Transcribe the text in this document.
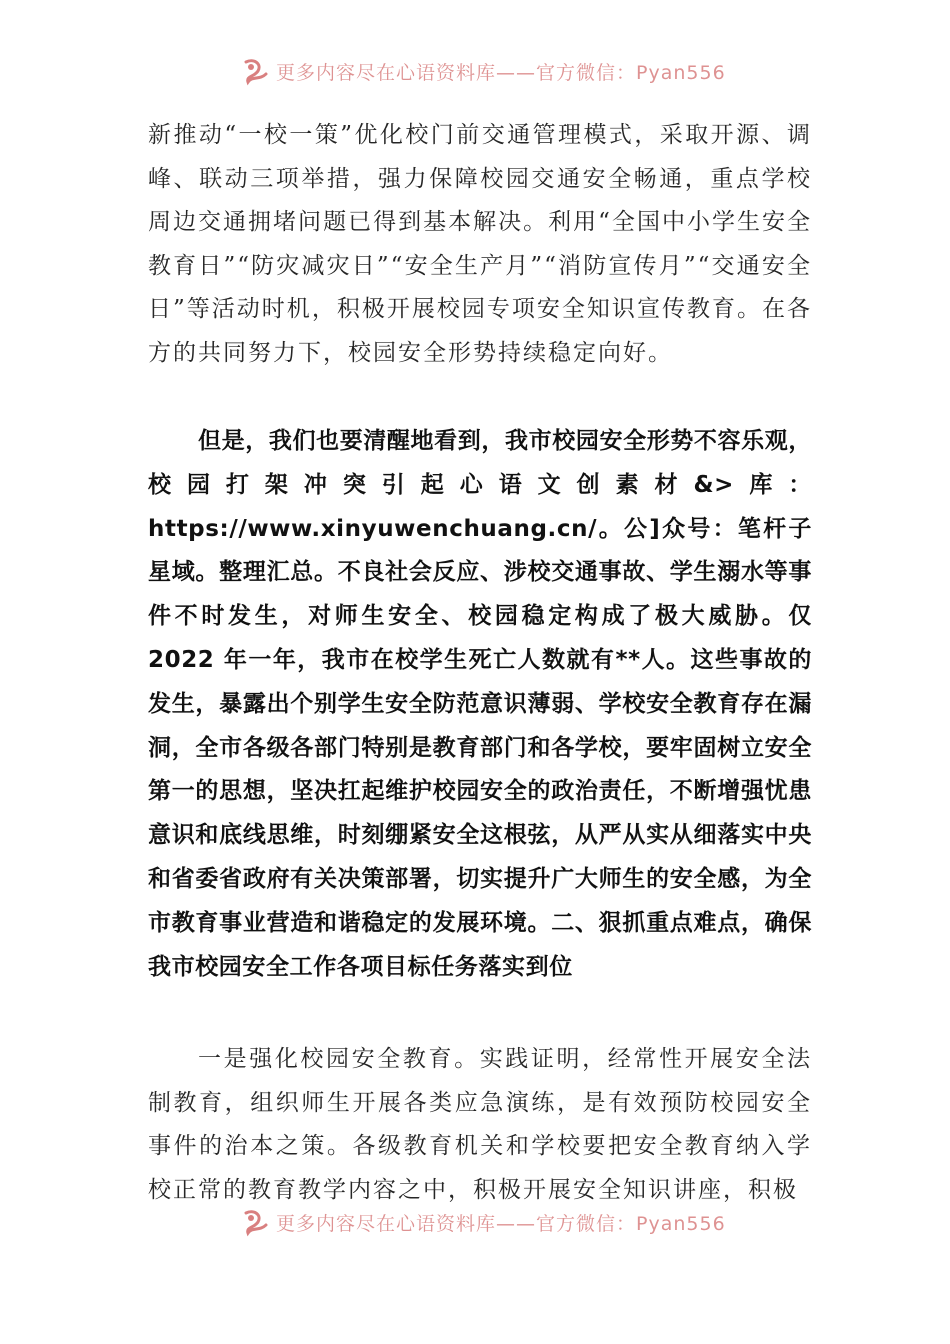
更多内容尽在心语资料库——官方微信：Pyan556

新推动“一校一策”优化校门前交通管理模式，采取开源、调峰、联动三项举措，强力保障校园交通安全畅通，重点学校周边交通拥堵问题已得到基本解决。利用“全国中小学生安全教育日”“防灾减灾日”“安全生产月”“消防宣传月”“交通安全日”等活动时机，积极开展校园专项安全知识宣传教育。在各方的共同努力下，校园安全形势持续稳定向好。

但是，我们也要清醒地看到，我市校园安全形势不容乐观，校园打架冲突引起心语文创素材&>库：https://www.xinyuwenchuang.cn/。公]众号：笔杆子星域。整理汇总。不良社会反应、涉校交通事故、学生溺水等事件不时发生，对师生安全、校园稳定构成了极大威胁。仅 2022 年一年，我市在校学生死亡人数就有**人。这些事故的发生，暴露出个别学生安全防范意识薄弱、学校安全教育存在漏洞，全市各级各部门特别是教育部门和各学校，要牢固树立安全第一的思想，坚决扛起维护校园安全的政治责任，不断增强忧患意识和底线思维，时刻绷紧安全这根弦，从严从实从细落实中央和省委省政府有关决策部署，切实提升广大师生的安全感，为全市教育事业营造和谐稳定的发展环境。二、狠抓重点难点，确保我市校园安全工作各项目标任务落实到位

一是强化校园安全教育。实践证明，经常性开展安全法制教育，组织师生开展各类应急演练，是有效预防校园安全事件的治本之策。各级教育机关和学校要把安全教育纳入学校正常的教育教学内容之中，积极开展安全知识讲座，积极

更多内容尽在心语资料库——官方微信：Pyan556
